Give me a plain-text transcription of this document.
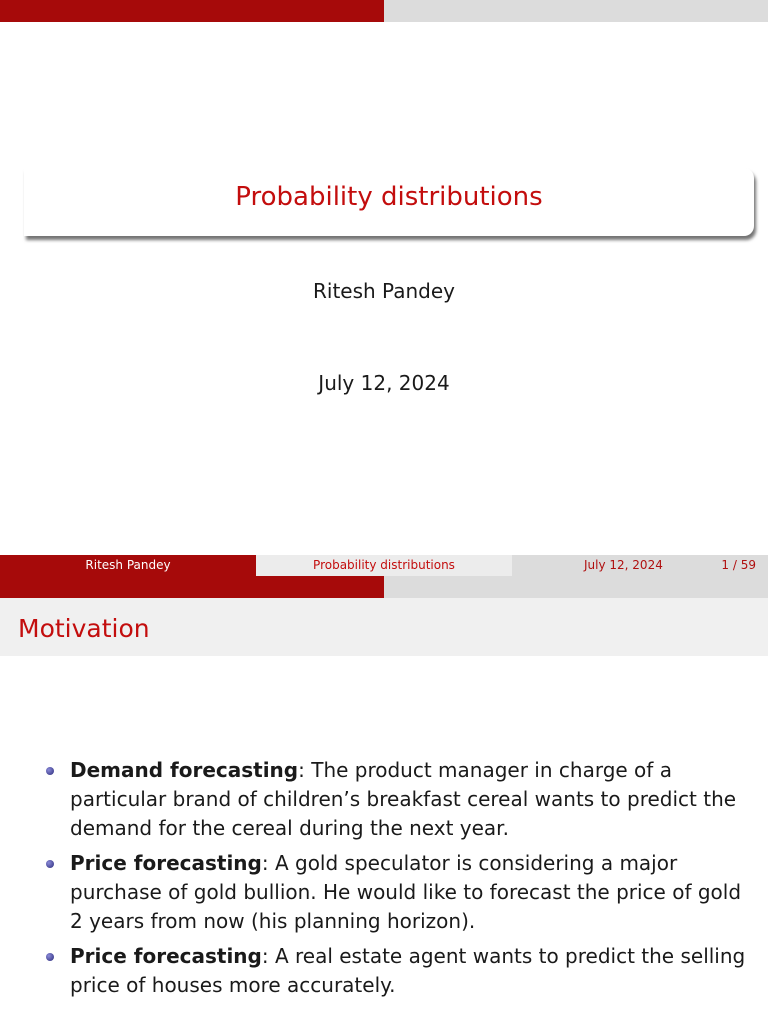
Probability distributions
Ritesh Pandey
July 12, 2024
Ritesh Pandey	Probability distributions	July 12, 2024	1 / 59
Motivation
Demand forecasting: The product manager in charge of a particular brand of children’s breakfast cereal wants to predict the demand for the cereal during the next year.
Price forecasting: A gold speculator is considering a major purchase of gold bullion. He would like to forecast the price of gold 2 years from now (his planning horizon).
Price forecasting: A real estate agent wants to predict the selling price of houses more accurately.
